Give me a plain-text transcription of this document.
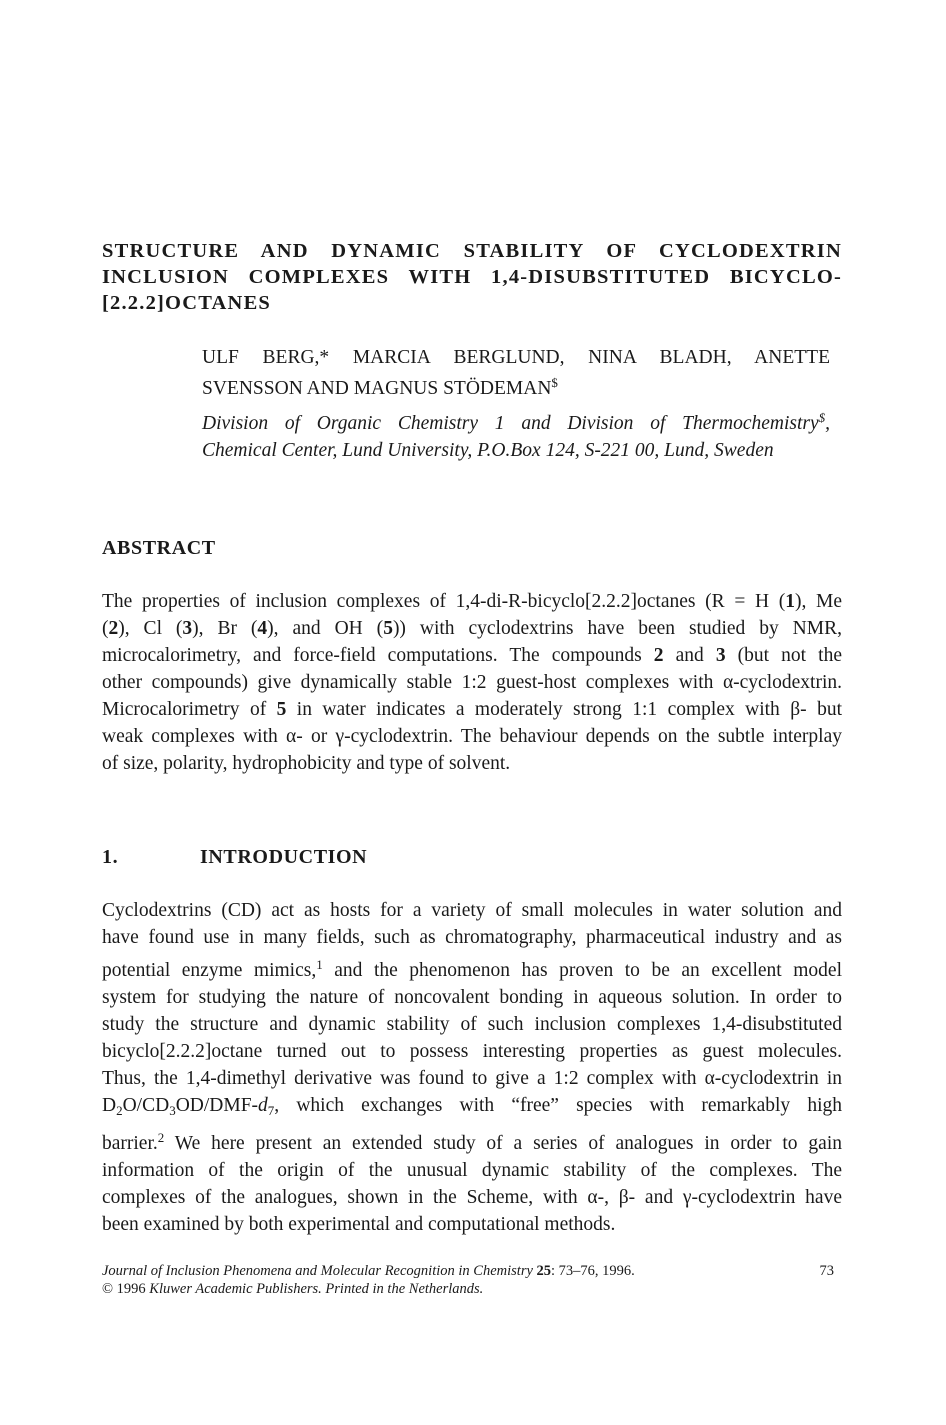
STRUCTURE AND DYNAMIC STABILITY OF CYCLODEXTRIN
INCLUSION COMPLEXES WITH 1,4-DISUBSTITUTED BICYCLO-
[2.2.2]OCTANES
ULF BERG,* MARCIA BERGLUND, NINA BLADH, ANETTE
SVENSSON AND MAGNUS STÖDEMAN$
Division of Organic Chemistry 1 and Division of Thermochemistry$,
Chemical Center, Lund University, P.O.Box 124, S-221 00, Lund, Sweden
ABSTRACT
The properties of inclusion complexes of 1,4-di-R-bicyclo[2.2.2]octanes (R = H (1), Me
(2), Cl (3), Br (4), and OH (5)) with cyclodextrins have been studied by NMR,
microcalorimetry, and force-field computations. The compounds 2 and 3 (but not the
other compounds) give dynamically stable 1:2 guest-host complexes with α-cyclodextrin.
Microcalorimetry of 5 in water indicates a moderately strong 1:1 complex with β- but
weak complexes with α- or γ-cyclodextrin. The behaviour depends on the subtle interplay
of size, polarity, hydrophobicity and type of solvent.
1.	INTRODUCTION
Cyclodextrins (CD) act as hosts for a variety of small molecules in water solution and
have found use in many fields, such as chromatography, pharmaceutical industry and as
potential enzyme mimics,$^1$ and the phenomenon has proven to be an excellent model
system for studying the nature of noncovalent bonding in aqueous solution. In order to
study the structure and dynamic stability of such inclusion complexes 1,4-disubstituted
bicyclo[2.2.2]octane turned out to possess interesting properties as guest molecules.
Thus, the 1,4-dimethyl derivative was found to give a 1:2 complex with α-cyclodextrin in
$D_2O/CD_3OD/DMF-d_7$, which exchanges with “free” species with remarkably high
barrier.$^2$ We here present an extended study of a series of analogues in order to gain
information of the origin of the unusual dynamic stability of the complexes. The
complexes of the analogues, shown in the Scheme, with α-, β- and γ-cyclodextrin have
been examined by both experimental and computational methods.
Journal of Inclusion Phenomena and Molecular Recognition in Chemistry 25: 73–76, 1996.	73
© 1996 Kluwer Academic Publishers. Printed in the Netherlands.
